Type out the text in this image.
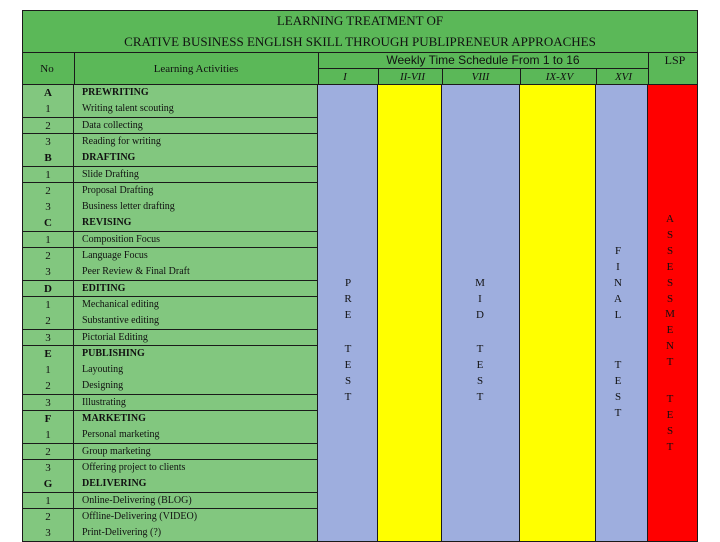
LEARNING TREATMENT OF
CRATIVE BUSINESS ENGLISH SKILL THROUGH PUBLIPRENEUR APPROACHES
No	Learning Activities
Weekly Time Schedule From 1 to 16	LSP
I	II-VII	VIII	IX-XV	XVI
A	PREWRITING
1	Writing talent scouting
2	Data collecting
3	Reading for writing
B	DRAFTING
1	Slide Drafting
2	Proposal Drafting
3	Business letter drafting
C	REVISING
1	Composition Focus
2	Language Focus
3	Peer Review & Final Draft
D	EDITING
1	Mechanical editing
2	Substantive editing
3	Pictorial Editing
E	PUBLISHING
1	Layouting
2	Designing
3	Illustrating
F	MARKETING
1	Personal marketing
2	Group marketing
3	Offering project to clients
G	DELIVERING
1	Online-Delivering (BLOG)
2	Offline-Delivering (VIDEO)
3	Print-Delivering (?)
P
R
E
T
E
S
T
M
I
D
T
E
S
T
F
I
N
A
L
T
E
S
T
A
S
S
E
S
S
M
E
N
T
T
E
S
T
